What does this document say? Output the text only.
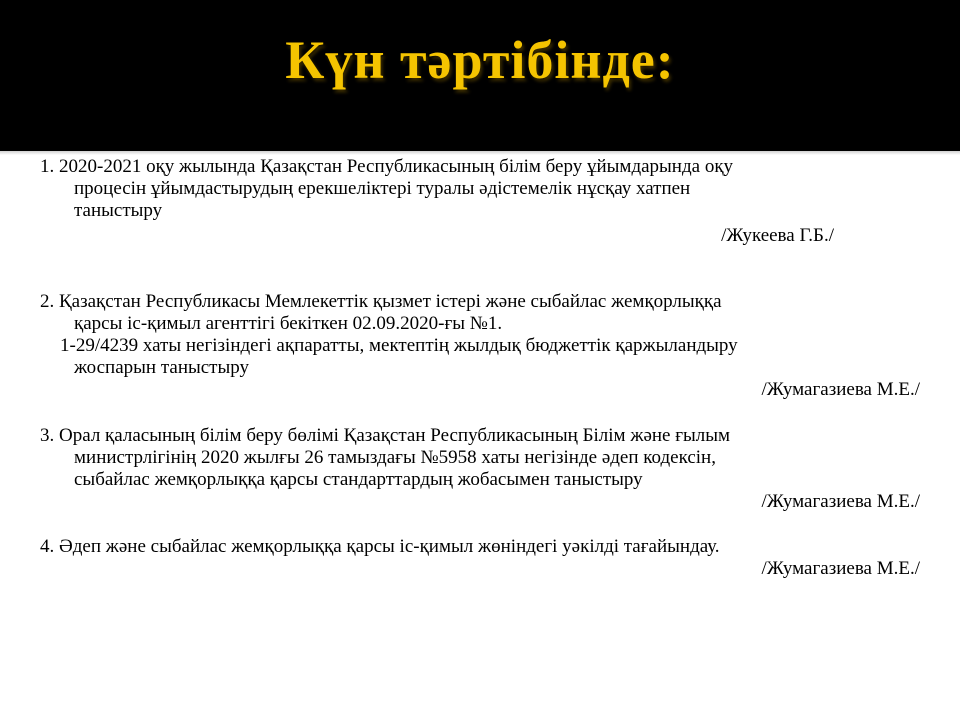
Күн тәртібінде:
1. 2020-2021 оқу жылында Қазақстан Республикасының білім беру ұйымдарында оқу
процесін ұйымдастырудың ерекшеліктері туралы әдістемелік нұсқау хатпен
таныстыру
/Жукеева Г.Б./
2. Қазақстан Республикасы Мемлекеттік қызмет істері және сыбайлас жемқорлыққа
қарсы іс-қимыл агенттігі бекіткен 02.09.2020-ғы №1.
1-29/4239 хаты негізіндегі ақпаратты, мектептің жылдық бюджеттік қаржыландыру
жоспарын таныстыру
/Жумагазиева М.Е./
3. Орал қаласының білім беру бөлімі Қазақстан Республикасының Білім және ғылым
министрлігінің 2020 жылғы 26 тамыздағы №5958 хаты негізінде әдеп кодексін,
сыбайлас жемқорлыққа қарсы стандарттардың жобасымен таныстыру
/Жумагазиева М.Е./
4. Әдеп және сыбайлас жемқорлыққа қарсы іс-қимыл жөніндегі уәкілді тағайындау.
/Жумагазиева М.Е./
